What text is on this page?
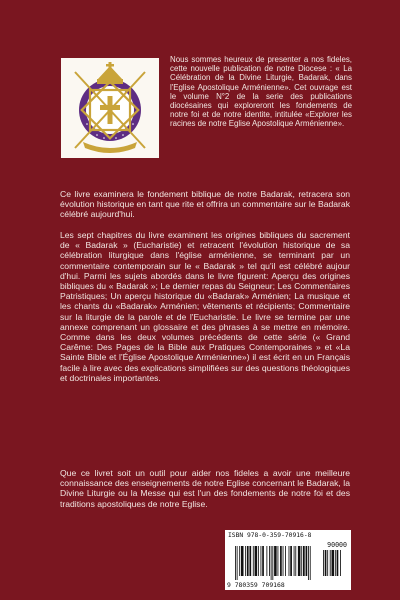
Nous sommes heureux de presenter a nos fideles, cette nouvelle publication de notre Diocese : « La Célébration de la Divine Liturgie, Badarak, dans l'Eglise Apostolique Arménienne». Cet ouvrage est le volume N°2 de la serie des publications diocésaines qui exploreront les fondements de notre foi et de notre identite, intitulée «Explorer les racines de notre Eglise Apostolique Arménienne».

Ce livre examinera le fondement biblique de notre Badarak, retracera son évolution historique en tant que rite et offrira un commentaire sur le Badarak célébré aujourd'hui.

Les sept chapitres du livre examinent les origines bibliques du sacrement de « Badarak » (Eucharistie) et retracent l'évolution historique de sa célébration liturgique dans l'église arménienne, se terminant par un commentaire contemporain sur le « Badarak » tel qu'il est célébré aujour d'hui. Parmi les sujets abordés dans le livre figurent: Aperçu des origines bibliques du « Badarak »; Le dernier repas du Seigneur; Les Commentaires Patristiques; Un aperçu historique du «Badarak» Arménien; La musique et les chants du «Badarak» Arménien; vêtements et récipients; Commentaire sur la liturgie de la parole et de l'Eucharistie. Le livre se termine par une annexe comprenant un glossaire et des phrases à se mettre en mémoire. Comme dans les deux volumes précédents de cette série (« Grand Carême: Des Pages de la Bible aux Pratiques Contemporaines » et «La Sainte Bible et l'Église Apostolique Arménienne») il est écrit en un Français facile à lire avec des explications simplifiées sur des questions théologiques et doctrinales importantes.

Que ce livret soit un outil pour aider nos fideles a avoir une meilleure connaissance des enseignements de notre Eglise concernant le Badarak, la Divine Liturgie ou la Messe qui est l'un des fondements de notre foi et des traditions apostoliques de notre Eglise.

ISBN 978-0-359-70916-8
90000
9 780359 709168
